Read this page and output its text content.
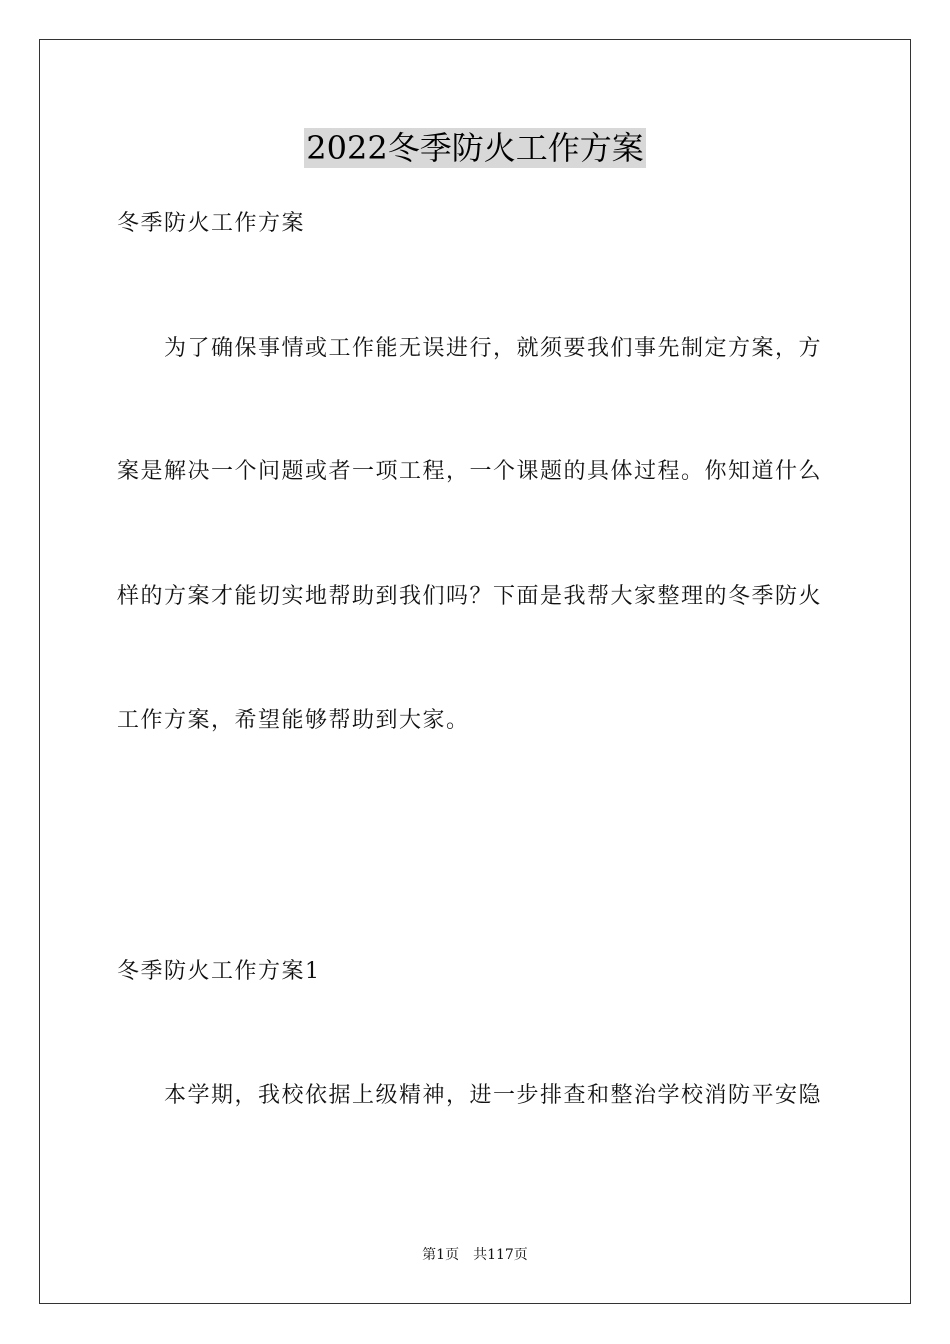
2022冬季防火工作方案
冬季防火工作方案
　　为了确保事情或工作能无误进行，就须要我们事先制定方案，方
案是解决一个问题或者一项工程，一个课题的具体过程。你知道什么
样的方案才能切实地帮助到我们吗？下面是我帮大家整理的冬季防火
工作方案，希望能够帮助到大家。
冬季防火工作方案1
　　本学期，我校依据上级精神，进一步排查和整治学校消防平安隐
第1页　共117页
